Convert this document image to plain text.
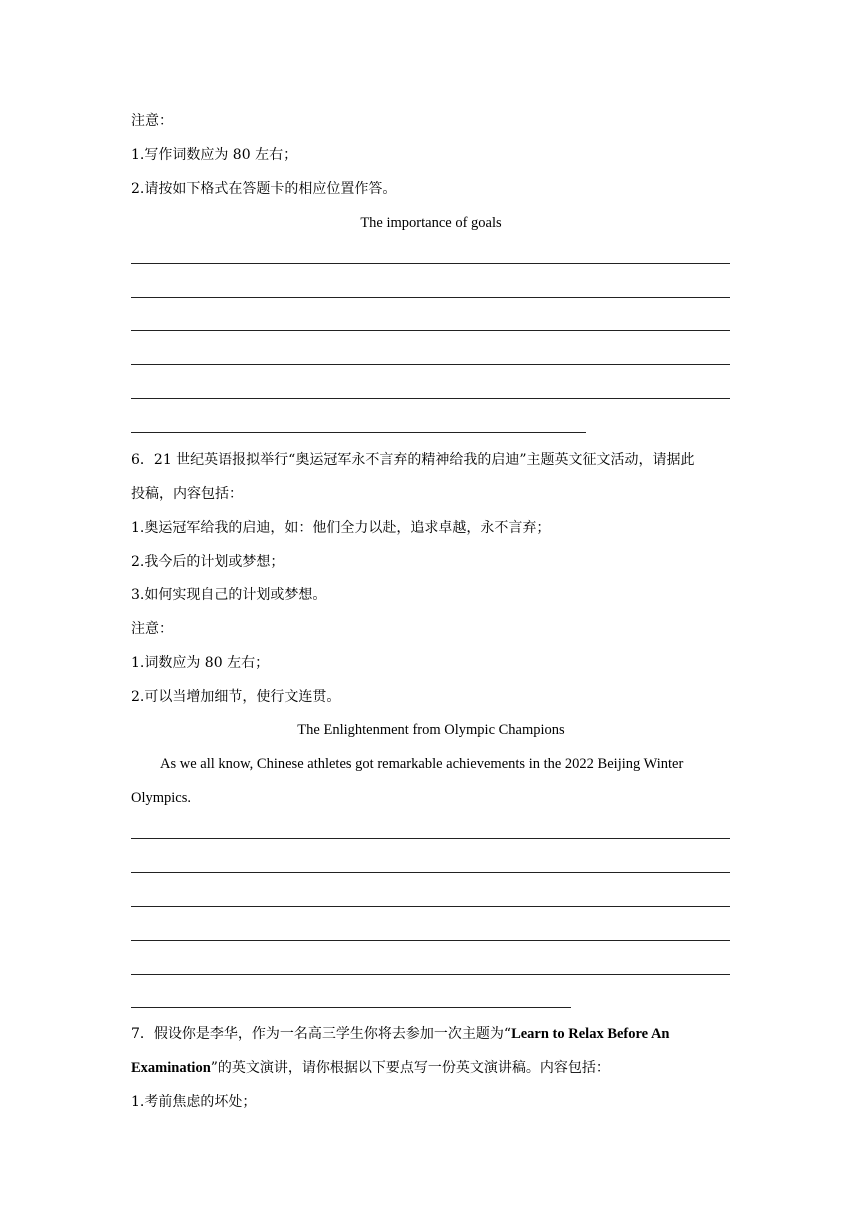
注意：
1.写作词数应为 80 左右；
2.请按如下格式在答题卡的相应位置作答。
The importance of goals
6．21 世纪英语报拟举行“奥运冠军永不言弃的精神给我的启迪”主题英文征文活动，请据此
投稿，内容包括：
1.奥运冠军给我的启迪，如：他们全力以赴，追求卓越，永不言弃；
2.我今后的计划或梦想；
3.如何实现自己的计划或梦想。
注意：
1.词数应为 80 左右；
2.可以当增加细节，使行文连贯。
The Enlightenment from Olympic Champions
As we all know, Chinese athletes got remarkable achievements in the 2022 Beijing Winter
Olympics.
7．假设你是李华，作为一名高三学生你将去参加一次主题为“Learn to Relax Before An
Examination”的英文演讲，请你根据以下要点写一份英文演讲稿。内容包括：
1.考前焦虑的坏处；
